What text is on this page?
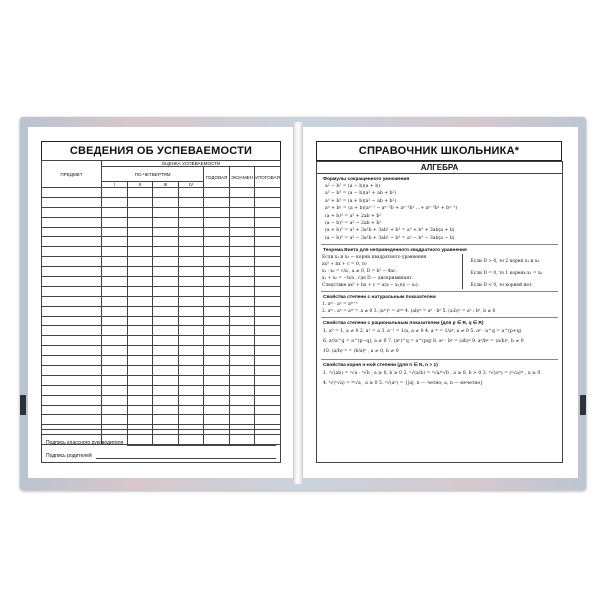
СВЕДЕНИЯ ОБ УСПЕВАЕМОСТИ
ПРЕДМЕТ	ОЦЕНКА УСПЕВАЕМОСТИ						
	ПО ЧЕТВЕРТЯМ				ГОДОВАЯ	ЭКЗАМЕН	ИТОГОВАЯ
	I	II	III	IV			

Подпись классного руководителя
Подпись родителей
СПРАВОЧНИК ШКОЛЬНИКА*
АЛГЕБРА
Формулы сокращенного умножения
a² − b² = (a − b)(a + b)
a³ − b³ = (a − b)(a² + ab + b²)
a³ + b³ = (a + b)(a² − ab + b²)
aⁿ + bⁿ = (a + b)(aⁿ⁻¹ − aⁿ⁻²b + aⁿ⁻³b² …+ aⁿ⁻³b² + bⁿ⁻¹)
(a + b)² = a² + 2ab + b²
(a − b)² = a² − 2ab + b²
(a + b)³ = a³ + 3a²b + 3ab² + b³ = a³ + b³ + 3ab(a + b)
(a − b)³ = a³ − 3a²b + 3ab² − b³ = a³ − b³ − 3ab(a − b)
Теорема Виета для неприведенного квадратного уравнения
Если x₁ и x₂ — корни квадратного уравнения
ax² + bx + c = 0, то
x₁ · x₂ = c/a , a ≠ 0, D = b² − 4ac,
x₁ + x₂ = −b/a , где D — дискриминант.
Следствие ax² + bx + c = a(x − x₁)(x − x₂).
Если D > 0, то 2 корня x₁ и x₂.
Если D = 0, то 1 корень x₁ = x₂.
Если D < 0, то корней нет.
Свойства степени с натуральным показателем
1. aᵐ · aⁿ = aᵐ⁺ⁿ
2. aᵐ : aⁿ = aᵐ⁻ⁿ, a ≠ 0 3. (aᵐ)ⁿ = aᵐⁿ 4. (ab)ⁿ = aⁿ · bⁿ 5. (a:b)ⁿ = aⁿ : bⁿ, b ≠ 0
Свойства степени с рациональным показателем (для p ∈ R, q ∈ R)
1. a⁰ = 1, a ≠ 0 2. a¹ = a 3. a⁻¹ = 1/a, a ≠ 0 4. a⁻ᵖ = 1/aᵖ, a ≠ 0 5. aᵖ · a^q = a^(p+q)
6. aᵖ/a^q = a^(p−q), a ≠ 0 7. (aᵖ)^q = a^(pq) 8. aᵖ · bᵖ = (ab)ᵖ 9. aᵖ/bᵖ = (a/b)ᵖ, b ≠ 0
10. (a/b)⁻ᵖ = (b/a)ᵖ , a ≠ 0, b ≠ 0
Свойства корня n-ной степени (для n ∈ N, n > 1)
1. ⁿ√(ab) = ⁿ√a · ⁿ√b , a ≥ 0, b ≥ 0 2. ⁿ√(a/b) = ⁿ√a/ⁿ√b , a ≥ 0, b > 0 3. ⁿ√(aᵐ) = (ⁿ√a)ᵐ , a ≥ 0
4. ᵏ√(ⁿ√a) = ᵏⁿ√a , a ≥ 0 5. ⁿ√(aⁿ) = {|a|, n — четно; a, n — нечетно}
